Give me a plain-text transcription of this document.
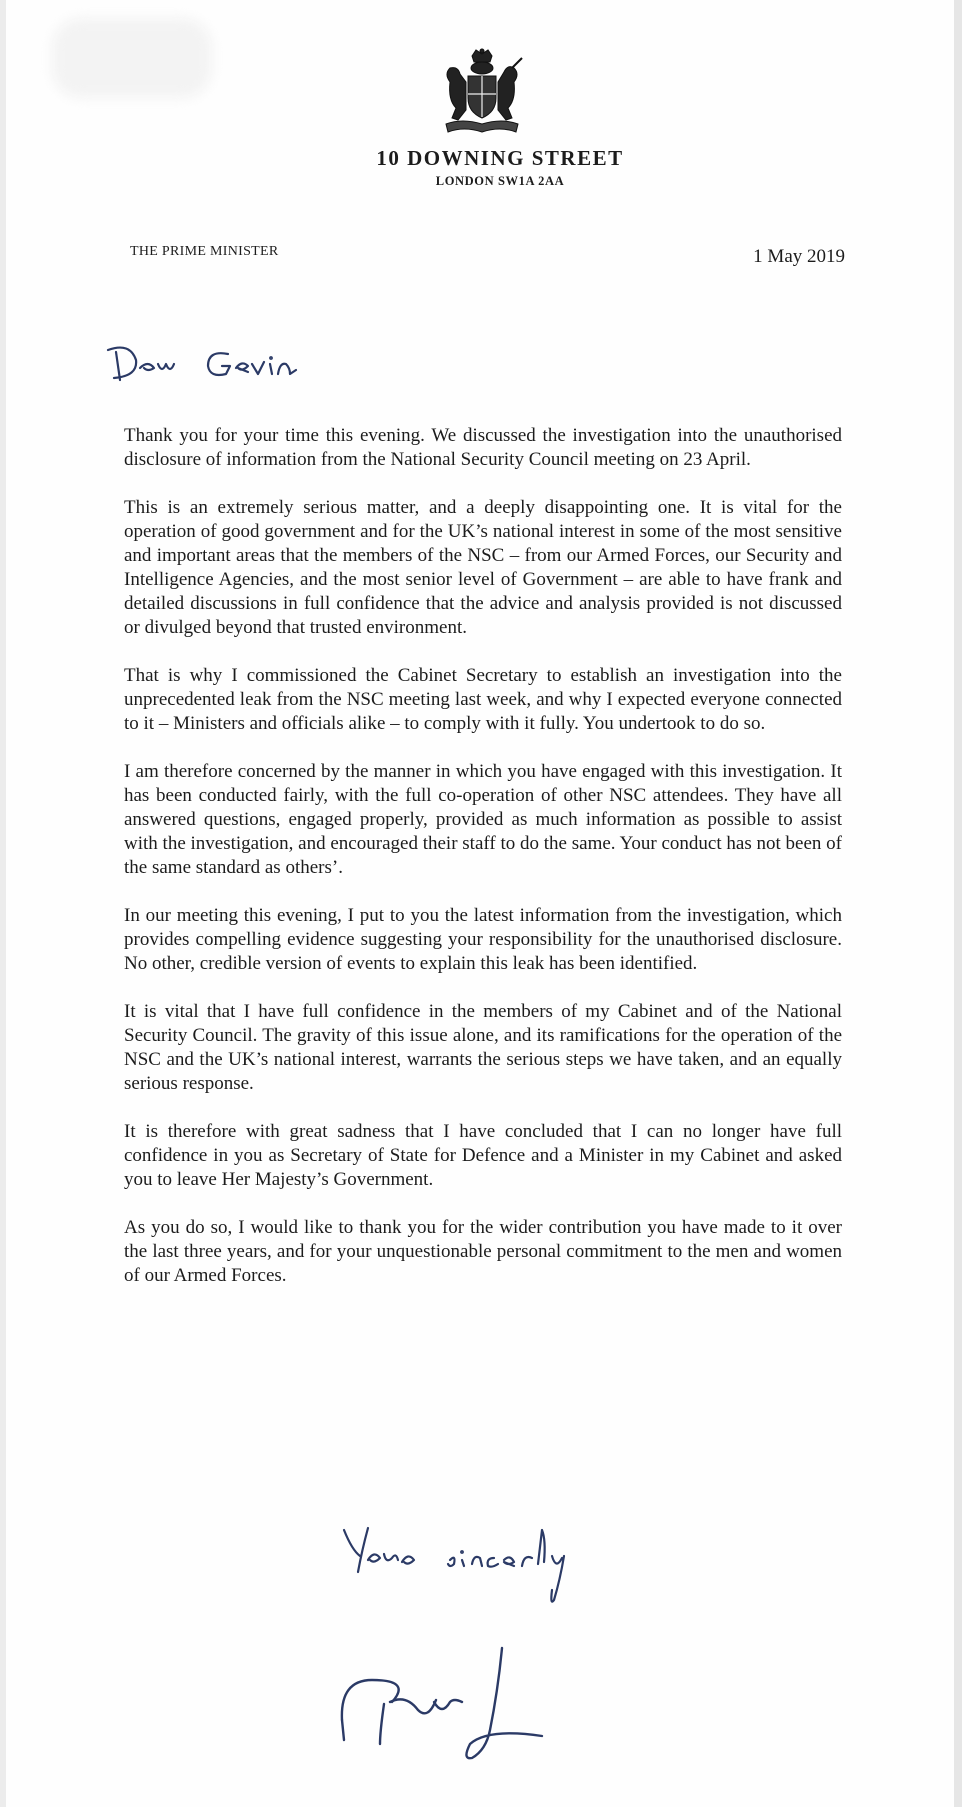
10 DOWNING STREET
LONDON SW1A 2AA
THE PRIME MINISTER	1 May 2019

Thank you for your time this evening. We discussed the investigation into the unauthorised disclosure of information from the National Security Council meeting on 23 April.

This is an extremely serious matter, and a deeply disappointing one. It is vital for the operation of good government and for the UK’s national interest in some of the most sensitive and important areas that the members of the NSC – from our Armed Forces, our Security and Intelligence Agencies, and the most senior level of Government – are able to have frank and detailed discussions in full confidence that the advice and analysis provided is not discussed or divulged beyond that trusted environment.

That is why I commissioned the Cabinet Secretary to establish an investigation into the unprecedented leak from the NSC meeting last week, and why I expected everyone connected to it – Ministers and officials alike – to comply with it fully. You undertook to do so.

I am therefore concerned by the manner in which you have engaged with this investigation. It has been conducted fairly, with the full co-operation of other NSC attendees. They have all answered questions, engaged properly, provided as much information as possible to assist with the investigation, and encouraged their staff to do the same. Your conduct has not been of the same standard as others’.

In our meeting this evening, I put to you the latest information from the investigation, which provides compelling evidence suggesting your responsibility for the unauthorised disclosure. No other, credible version of events to explain this leak has been identified.

It is vital that I have full confidence in the members of my Cabinet and of the National Security Council. The gravity of this issue alone, and its ramifications for the operation of the NSC and the UK’s national interest, warrants the serious steps we have taken, and an equally serious response.

It is therefore with great sadness that I have concluded that I can no longer have full confidence in you as Secretary of State for Defence and a Minister in my Cabinet and asked you to leave Her Majesty’s Government.

As you do so, I would like to thank you for the wider contribution you have made to it over the last three years, and for your unquestionable personal commitment to the men and women of our Armed Forces.
